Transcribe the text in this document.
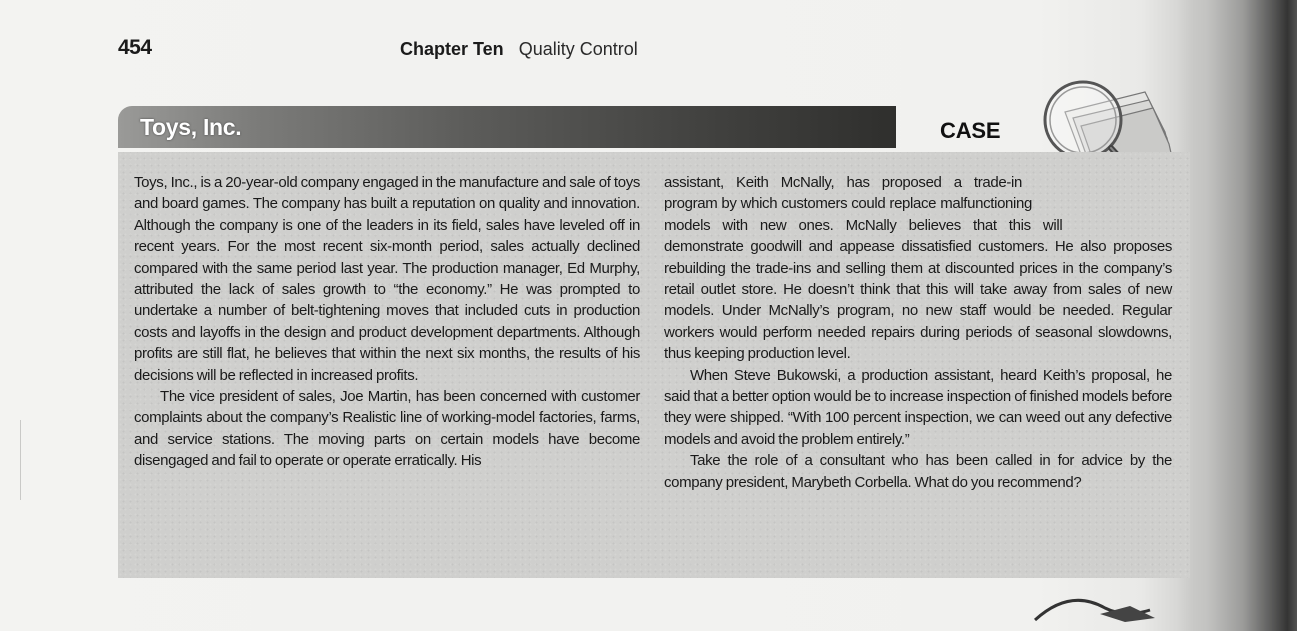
454	Chapter Ten Quality Control
Toys, Inc.	CASE

Toys, Inc., is a 20-year-old company engaged in the manufacture and sale of toys and board games. The company has built a reputation on quality and innovation. Although the company is one of the leaders in its field, sales have leveled off in recent years. For the most recent six-month period, sales actually declined compared with the same period last year. The production manager, Ed Murphy, attributed the lack of sales growth to “the economy.” He was prompted to undertake a number of belt-tightening moves that included cuts in production costs and layoffs in the design and product development departments. Although profits are still flat, he believes that within the next six months, the results of his decisions will be reflected in increased profits.

The vice president of sales, Joe Martin, has been concerned with customer complaints about the company’s Realistic line of working-model factories, farms, and service stations. The moving parts on certain models have become disengaged and fail to operate or operate erratically. His

assistant, Keith McNally, has proposed a trade-in program by which customers could replace malfunctioning models with new ones. McNally believes that this will demonstrate goodwill and appease dissatisfied customers. He also proposes rebuilding the trade-ins and selling them at discounted prices in the company’s retail outlet store. He doesn’t think that this will take away from sales of new models. Under McNally’s program, no new staff would be needed. Regular workers would perform needed repairs during periods of seasonal slowdowns, thus keeping production level.

When Steve Bukowski, a production assistant, heard Keith’s proposal, he said that a better option would be to increase inspection of finished models before they were shipped. “With 100 percent inspection, we can weed out any defective models and avoid the problem entirely.”

Take the role of a consultant who has been called in for advice by the company president, Marybeth Corbella. What do you recommend?
